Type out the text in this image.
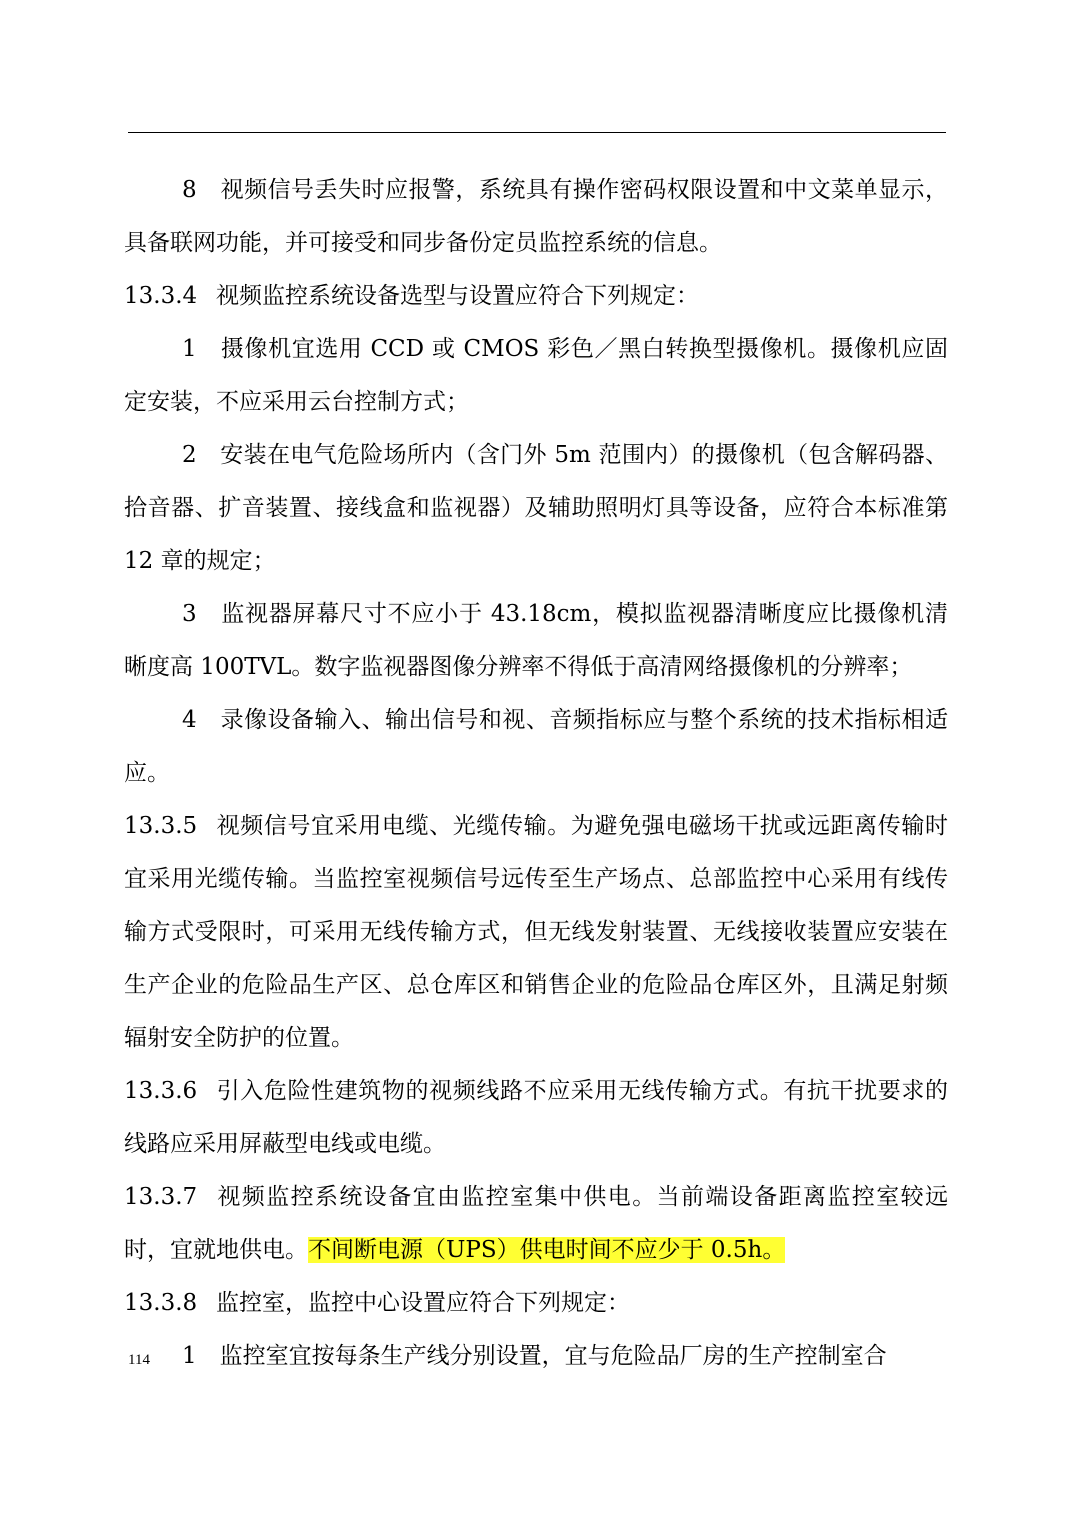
8　 视频信号丢失时应报警，系统具有操作密码权限设置和中文菜单显示，具备联网功能，并可接受和同步备份定员监控系统的信息。

13.3.4 视频监控系统设备选型与设置应符合下列规定：

1　 摄像机宜选用 CCD 或 CMOS 彩色／黑白转换型摄像机。摄像机应固定安装，不应采用云台控制方式；

2　 安装在电气危险场所内（含门外 5m 范围内）的摄像机（包含解码器、拾音器、扩音装置、接线盒和监视器）及辅助照明灯具等设备，应符合本标准第 12 章的规定；

3　 监视器屏幕尺寸不应小于 43.18cm，模拟监视器清晰度应比摄像机清晰度高 100TVL。数字监视器图像分辨率不得低于高清网络摄像机的分辨率；

4　 录像设备输入、输出信号和视、音频指标应与整个系统的技术指标相适应。

13.3.5 视频信号宜采用电缆、光缆传输。为避免强电磁场干扰或远距离传输时宜采用光缆传输。当监控室视频信号远传至生产场点、总部监控中心采用有线传输方式受限时，可采用无线传输方式，但无线发射装置、无线接收装置应安装在生产企业的危险品生产区、总仓库区和销售企业的危险品仓库区外，且满足射频辐射安全防护的位置。

13.3.6 引入危险性建筑物的视频线路不应采用无线传输方式。有抗干扰要求的线路应采用屏蔽型电线或电缆。

13.3.7 视频监控系统设备宜由监控室集中供电。当前端设备距离监控室较远时，宜就地供电。不间断电源（UPS）供电时间不应少于 0.5h。

13.3.8 监控室，监控中心设置应符合下列规定：

1　 监控室宜按每条生产线分别设置，宜与危险品厂房的生产控制室合

114
